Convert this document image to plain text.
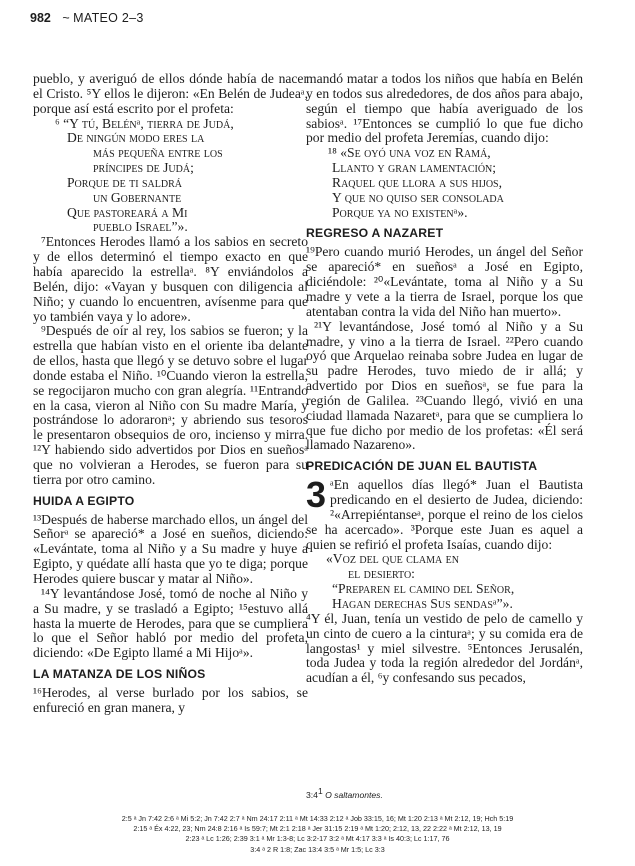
982 ~ MATEO 2–3

pueblo, y averiguó de ellos dónde había de nacer el Cristo. ⁵Y ellos le dijeron: «En Belén de Judeaᵃ, porque así está escrito por el profeta:

⁶ “Y tú, Belénᵃ, tierra de Judá,
De ningún modo eres la
más pequeña entre los
príncipes de Judá;
Porque de ti saldrá
un Gobernante
Que pastoreará a Mi
pueblo Israel”».

⁷Entonces Herodes llamó a los sabios en secreto y de ellos determinó el tiempo exacto en que había aparecido la estrellaᵃ. ⁸Y enviándolos a Belén, dijo: «Vayan y busquen con diligencia al Niño; y cuando lo encuentren, avísenme para que yo también vaya y lo adore».

⁹Después de oír al rey, los sabios se fueron; y la estrella que habían visto en el oriente iba delante de ellos, hasta que llegó y se detuvo sobre el lugar donde estaba el Niño. ¹⁰Cuando vieron la estrella, se regocijaron mucho con gran alegría. ¹¹Entrando en la casa, vieron al Niño con Su madre María, y postrándose lo adoraronᵃ; y abriendo sus tesoros le presentaron obsequios de oro, incienso y mirra. ¹²Y habiendo sido advertidos por Dios en sueñosᵃ que no volvieran a Herodes, se fueron para su tierra por otro camino.

HUIDA A EGIPTO

¹³Después de haberse marchado ellos, un ángel del Señorᵃ se apareció* a José en sueños, diciendo: «Levántate, toma al Niño y a Su madre y huye a Egipto, y quédate allí hasta que yo te diga; porque Herodes quiere buscar y matar al Niño».

¹⁴Y levantándose José, tomó de noche al Niño y a Su madre, y se trasladó a Egipto; ¹⁵estuvo allá hasta la muerte de Herodes, para que se cumpliera lo que el Señor habló por medio del profeta, diciendo: «De Egipto llamé a Mi Hijoᵃ».

LA MATANZA DE LOS NIÑOS

¹⁶Herodes, al verse burlado por los sabios, se enfureció en gran manera, y

mandó matar a todos los niños que había en Belén y en todos sus alrededores, de dos años para abajo, según el tiempo que había averiguado de los sabiosᵃ. ¹⁷Entonces se cumplió lo que fue dicho por medio del profeta Jeremías, cuando dijo:

¹⁸ «Se oyó una voz en Ramá,
Llanto y gran lamentación;
Raquel que llora a sus hijos,
Y que no quiso ser consolada
Porque ya no existenᵃ».
REGRESO A NAZARET

¹⁹Pero cuando murió Herodes, un ángel del Señor se apareció* en sueñosᵃ a José en Egipto, diciéndole: ²⁰«Levántate, toma al Niño y a Su madre y vete a la tierra de Israel, porque los que atentaban contra la vida del Niño han muerto».

²¹Y levantándose, José tomó al Niño y a Su madre, y vino a la tierra de Israel. ²²Pero cuando oyó que Arquelao reinaba sobre Judea en lugar de su padre Herodes, tuvo miedo de ir allá; y advertido por Dios en sueñosᵃ, se fue para la región de Galilea. ²³Cuando llegó, vivió en una ciudad llamada Nazaretᵃ, para que se cumpliera lo que fue dicho por medio de los profetas: «Él será llamado Nazareno».

PREDICACIÓN DE JUAN EL BAUTISTA

3 ᵃEn aquellos días llegó* Juan el Bautista predicando en el desierto de Judea, diciendo: ²«Arrepiéntanseᵃ, porque el reino de los cielos se ha acercado». ³Porque este Juan es aquel a quien se refirió el profeta Isaías, cuando dijo:

«Voz del que clama en
el desierto:
“Preparen el camino del Señor,
Hagan derechas Sus sendasᵃ”».

⁴Y él, Juan, tenía un vestido de pelo de camello y un cinto de cuero a la cinturaᵃ; y su comida era de langostas¹ y miel silvestre. ⁵Entonces Jerusalén, toda Judea y toda la región alrededor del Jordánᵃ, acudían a él, ⁶y confesando sus pecados,

$3:4^1$ O saltamontes.
2:5 ᵃ Jn 7:42 2:6 ᵃ Mi 5:2; Jn 7:42 2:7 ᵃ Nm 24:17 2:11 ᵃ Mt 14:33 2:12 ᵃ Job 33:15, 16; Mt 1:20 2:13 ᵃ Mt 2:12, 19; Hch 5:19
2:15 ᵃ Éx 4:22, 23; Nm 24:8 2:16 ᵃ Is 59:7; Mt 2:1 2:18 ᵃ Jer 31:15 2:19 ᵃ Mt 1:20; 2:12, 13, 22 2:22 ᵃ Mt 2:12, 13, 19
2:23 ᵃ Lc 1:26; 2:39 3:1 ᵃ Mr 1:3-8; Lc 3:2-17 3:2 ᵃ Mt 4:17 3:3 ᵃ Is 40:3; Lc 1:17, 76
3:4 ᵃ 2 R 1:8; Zac 13:4 3:5 ᵃ Mr 1:5; Lc 3:3
